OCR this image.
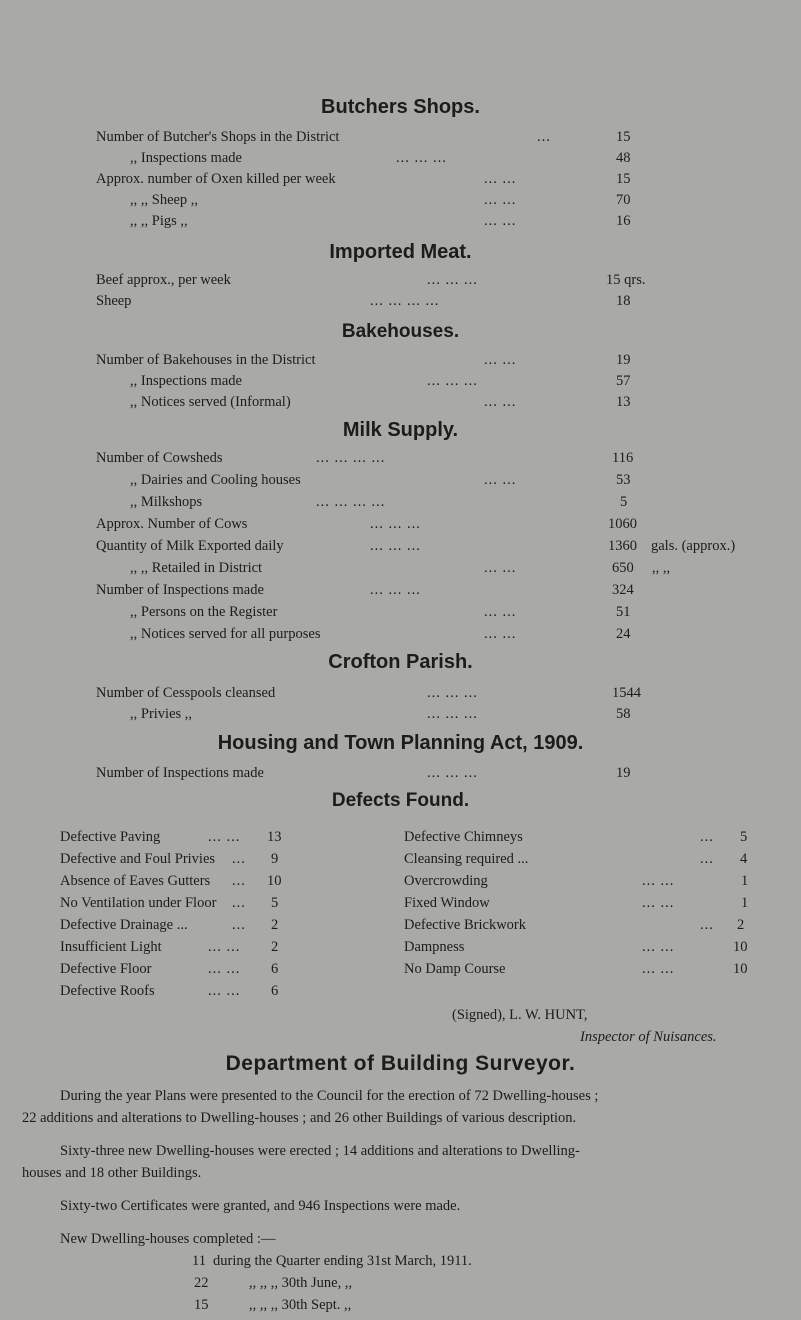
Butchers Shops.
Number of Butcher's Shops in the District	...	15
,, Inspections made	... ... ...	48
Approx. number of Oxen killed per week	... ...	15
,, ,, Sheep ,,	... ...	70
,, ,, Pigs ,,	... ...	16
Imported Meat.
Beef approx., per week	... ... ...	15 qrs.
Sheep	... ... ... ...	18
Bakehouses.
Number of Bakehouses in the District	... ...	19
,, Inspections made	... ... ...	57
,, Notices served (Informal)	... ...	13
Milk Supply.
Number of Cowsheds	... ... ... ...	116
,, Dairies and Cooling houses	... ...	53
,, Milkshops	... ... ... ...	5
Approx. Number of Cows	... ... ...	1060
Quantity of Milk Exported daily	... ... ...	1360 gals. (approx.)
,, ,, Retailed in District	... ...	650 ,, ,,
Number of Inspections made	... ... ...	324
,, Persons on the Register	... ...	51
,, Notices served for all purposes	... ...	24
Crofton Parish.
Number of Cesspools cleansed	... ... ...	1544
,, Privies ,,	... ... ...	58
Housing and Town Planning Act, 1909.
Number of Inspections made	... ... ...	19
Defects Found.
Defective Paving	... ... 13
Defective and Foul Privies ... 9
Absence of Eaves Gutters ... 10
No Ventilation under Floor ... 5
Defective Drainage ...	... 2
Insufficient Light	... ... 2
Defective Floor	... ... 6
Defective Roofs	... ... 6
Defective Chimneys	... 5
Cleansing required ...	... 4
Overcrowding	... ...	1
Fixed Window	... ...	1
Defective Brickwork	... 2
Dampness	... ...	10
No Damp Course	... ...	10
(Signed), L. W. HUNT,
Inspector of Nuisances.
Department of Building Surveyor.
During the year Plans were presented to the Council for the erection of 72 Dwelling-houses ;
22 additions and alterations to Dwelling-houses ; and 26 other Buildings of various description.
Sixty-three new Dwelling-houses were erected ; 14 additions and alterations to Dwelling-
houses and 18 other Buildings.
Sixty-two Certificates were granted, and 946 Inspections were made.
New Dwelling-houses completed :—
11 during the Quarter ending 31st March, 1911.
22	,, ,, ,, 30th June, ,,
15	,, ,, ,, 30th Sept. ,,
